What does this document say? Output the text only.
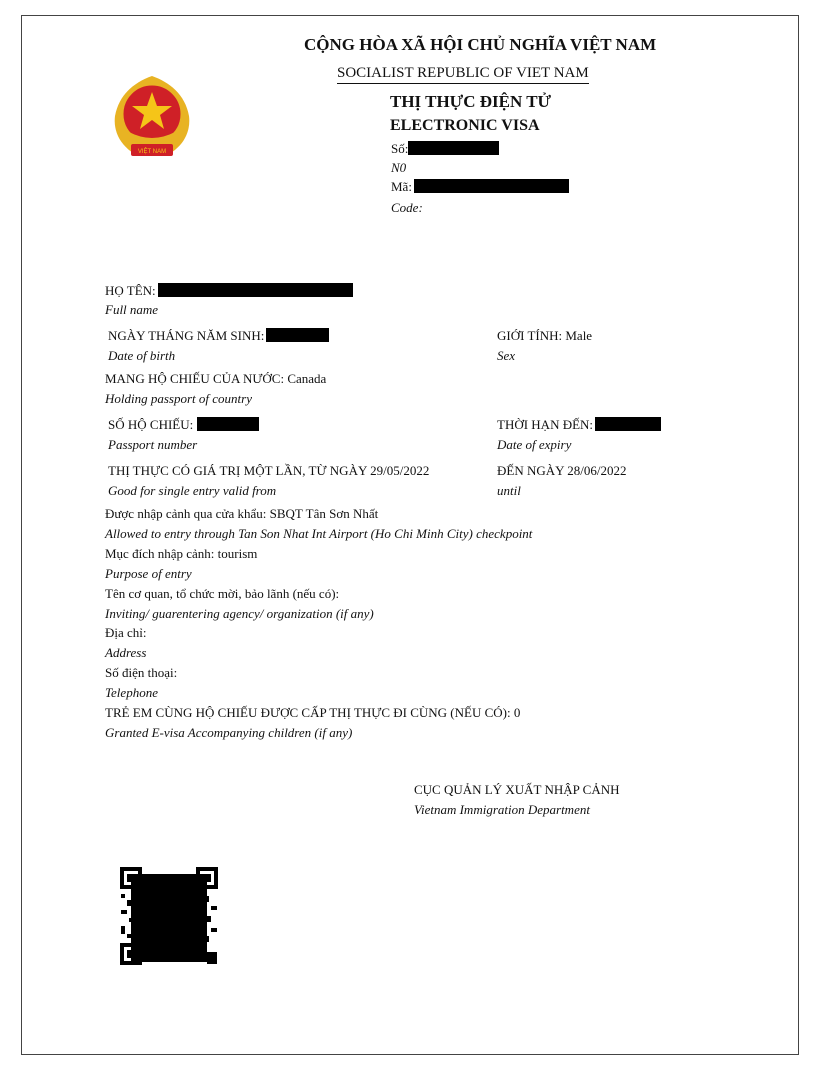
VIỆT NAM
CỘNG HÒA XÃ HỘI CHỦ NGHĨA VIỆT NAM
SOCIALIST REPUBLIC OF VIET NAM
THỊ THỰC ĐIỆN TỬ
ELECTRONIC VISA
Số:
N0
Mã:
Code:
HỌ TÊN:
Full name
NGÀY THÁNG NĂM SINH:
Date of birth
GIỚI TÍNH: Male
Sex
MANG HỘ CHIẾU CỦA NƯỚC: Canada
Holding passport of country
SỐ HỘ CHIẾU:
Passport number
THỜI HẠN ĐẾN:
Date of expiry
THỊ THỰC CÓ GIÁ TRỊ MỘT LẦN, TỪ NGÀY 29/05/2022
Good for single entry valid from
ĐẾN NGÀY 28/06/2022
until
Được nhập cảnh qua cửa khẩu: SBQT Tân Sơn Nhất
Allowed to entry through Tan Son Nhat Int Airport (Ho Chi Minh City) checkpoint
Mục đích nhập cảnh: tourism
Purpose of entry
Tên cơ quan, tổ chức mời, bảo lãnh (nếu có):
Inviting/ guarentering agency/ organization (if any)
Địa chỉ:
Address
Số điện thoại:
Telephone
TRẺ EM CÙNG HỘ CHIẾU ĐƯỢC CẤP THỊ THỰC ĐI CÙNG (NẾU CÓ): 0
Granted E-visa Accompanying children (if any)
CỤC QUẢN LÝ XUẤT NHẬP CẢNH
Vietnam Immigration Department
